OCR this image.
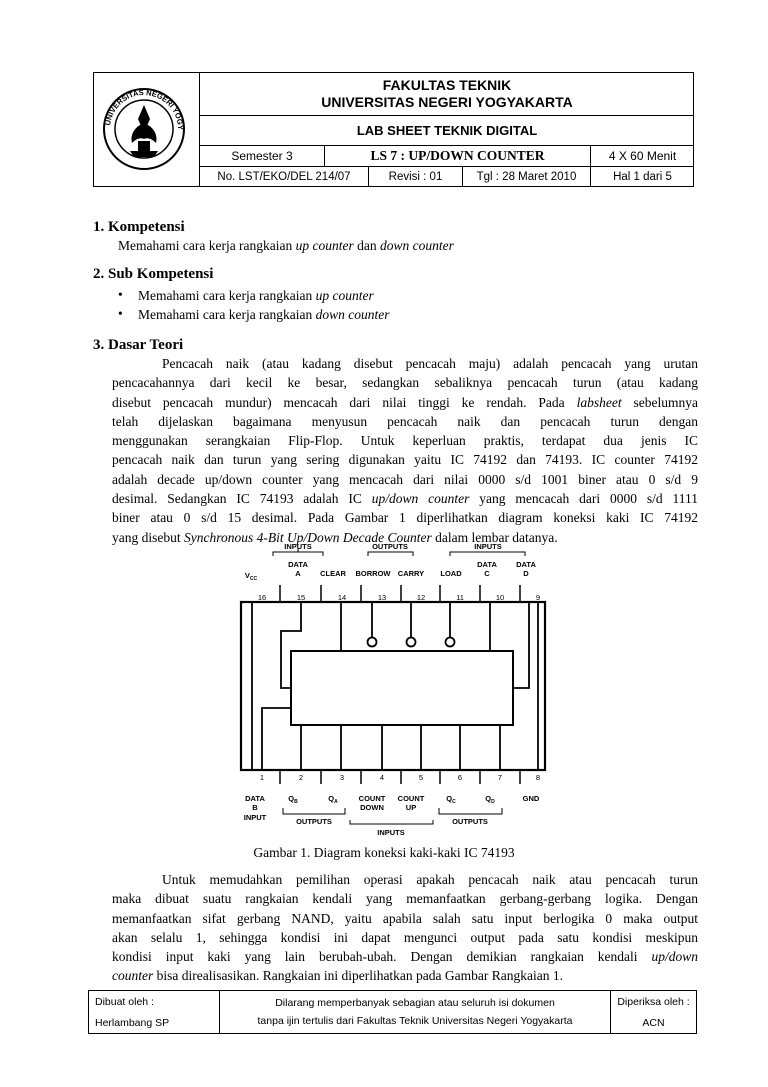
UNIVERSITAS NEGERI YOGY
FAKULTAS TEKNIK
UNIVERSITAS NEGERI YOGYAKARTA
LAB SHEET TEKNIK DIGITAL
Semester 3	LS 7 : UP/DOWN COUNTER	4 X 60 Menit
No. LST/EKO/DEL 214/07	Revisi : 01	Tgl : 28 Maret 2010	Hal 1 dari 5
1. Kompetensi
Memahami cara kerja rangkaian up counter dan down counter
2. Sub Kompetensi
• Memahami cara kerja rangkaian up counter
• Memahami cara kerja rangkaian down counter
3. Dasar Teori
Pencacah naik (atau kadang disebut pencacah maju) adalah pencacah yang urutan
pencacahannya dari kecil ke besar, sedangkan sebaliknya pencacah turun (atau kadang
disebut pencacah mundur) mencacah dari nilai tinggi ke rendah. Pada labsheet sebelumnya
telah dijelaskan bagaimana menyusun pencacah naik dan pencacah turun dengan
menggunakan serangkaian Flip-Flop. Untuk keperluan praktis, terdapat dua jenis IC
pencacah naik dan turun yang sering digunakan yaitu IC 74192 dan 74193. IC counter 74192
adalah decade up/down counter yang mencacah dari nilai 0000 s/d 1001 biner atau 0 s/d 9
desimal. Sedangkan IC 74193 adalah IC up/down counter yang mencacah dari 0000 s/d 1111
biner atau 0 s/d 15 desimal. Pada Gambar 1 diperlihatkan diagram koneksi kaki IC 74192
yang disebut Synchronous 4-Bit Up/Down Decade Counter dalam lembar datanya.
INPUTS	OUTPUTS	INPUTS
$V_{CC}$
DATA
A	CLEAR BORROW CARRY LOAD
DATA
C
DATA
D
16	15	14	13	12	11	10	9
1	2	3	4	5	6	7	8
DATA
B
INPUT
$Q_B$	$Q_A$	COUNT
DOWN
COUNT
UP
$Q_C$	$Q_D$	GND
OUTPUTS
INPUTS
OUTPUTS
Gambar 1. Diagram koneksi kaki-kaki IC 74193
Untuk memudahkan pemilihan operasi apakah pencacah naik atau pencacah turun
maka dibuat suatu rangkaian kendali yang memanfaatkan gerbang-gerbang logika. Dengan
memanfaatkan sifat gerbang NAND, yaitu apabila salah satu input berlogika 0 maka output
akan selalu 1, sehingga kondisi ini dapat mengunci output pada satu kondisi meskipun
kondisi input kaki yang lain berubah-ubah. Dengan demikian rangkaian kendali up/down
counter bisa direalisasikan. Rangkaian ini diperlihatkan pada Gambar Rangkaian 1.
Dibuat oleh :
Herlambang SP
Dilarang memperbanyak sebagian atau seluruh isi dokumen
tanpa ijin tertulis dari Fakultas Teknik Universitas Negeri Yogyakarta
Diperiksa oleh :
ACN
